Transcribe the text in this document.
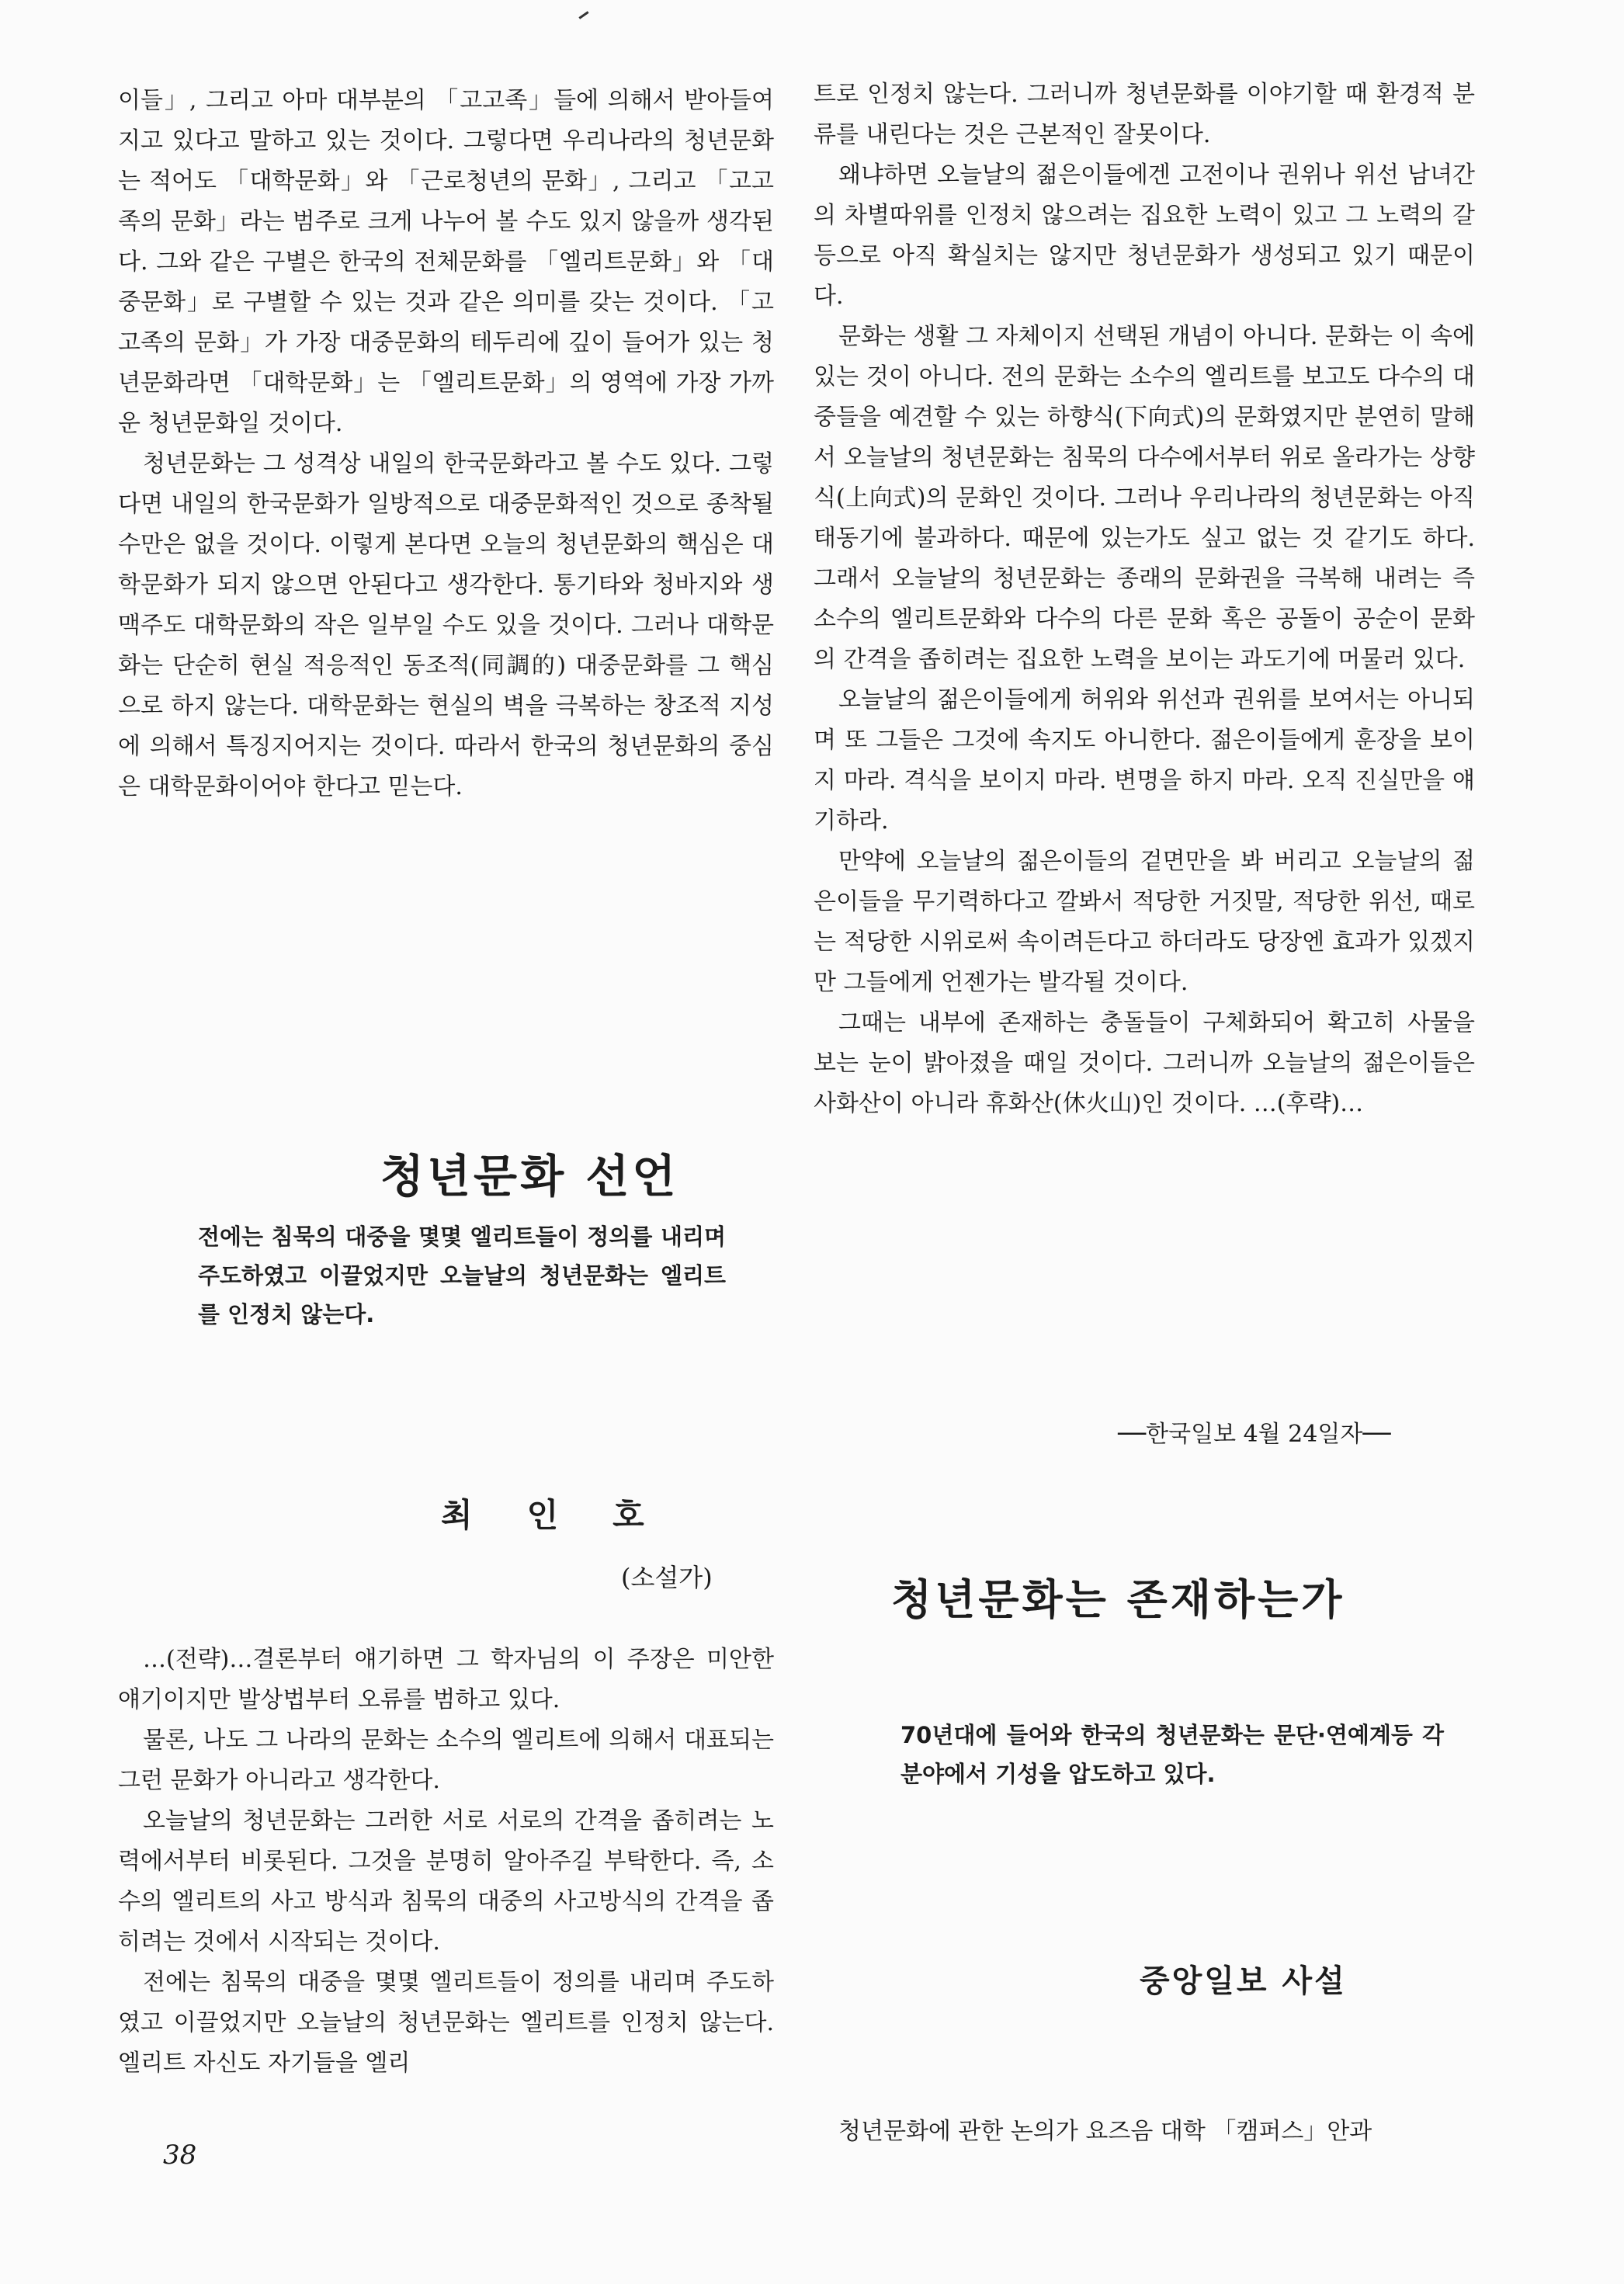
이들」, 그리고 아마 대부분의 「고고족」들에 의해서 받아들여지고 있다고 말하고 있는 것이다. 그렇다면 우리나라의 청년문화는 적어도 「대학문화」와 「근로청년의 문화」, 그리고 「고고족의 문화」라는 범주로 크게 나누어 볼 수도 있지 않을까 생각된다. 그와 같은 구별은 한국의 전체문화를 「엘리트문화」와 「대중문화」로 구별할 수 있는 것과 같은 의미를 갖는 것이다. 「고고족의 문화」가 가장 대중문화의 테두리에 깊이 들어가 있는 청년문화라면 「대학문화」는 「엘리트문화」의 영역에 가장 가까운 청년문화일 것이다.

청년문화는 그 성격상 내일의 한국문화라고 볼 수도 있다. 그렇다면 내일의 한국문화가 일방적으로 대중문화적인 것으로 종착될 수만은 없을 것이다. 이렇게 본다면 오늘의 청년문화의 핵심은 대학문화가 되지 않으면 안된다고 생각한다. 통기타와 청바지와 생맥주도 대학문화의 작은 일부일 수도 있을 것이다. 그러나 대학문화는 단순히 현실 적응적인 동조적(同調的) 대중문화를 그 핵심으로 하지 않는다. 대학문화는 현실의 벽을 극복하는 창조적 지성에 의해서 특징지어지는 것이다. 따라서 한국의 청년문화의 중심은 대학문화이어야 한다고 믿는다.

청년문화 선언

전에는 침묵의 대중을 몇몇 엘리트들이 정의를 내리며 주도하였고 이끌었지만 오늘날의 청년문화는 엘리트를 인정치 않는다.

최인호

(소설가)

…(전략)…결론부터 얘기하면 그 학자님의 이 주장은 미안한 얘기이지만 발상법부터 오류를 범하고 있다.

물론, 나도 그 나라의 문화는 소수의 엘리트에 의해서 대표되는 그런 문화가 아니라고 생각한다.

오늘날의 청년문화는 그러한 서로 서로의 간격을 좁히려는 노력에서부터 비롯된다. 그것을 분명히 알아주길 부탁한다. 즉, 소수의 엘리트의 사고 방식과 침묵의 대중의 사고방식의 간격을 좁히려는 것에서 시작되는 것이다.

전에는 침묵의 대중을 몇몇 엘리트들이 정의를 내리며 주도하였고 이끌었지만 오늘날의 청년문화는 엘리트를 인정치 않는다. 엘리트 자신도 자기들을 엘리

트로 인정치 않는다. 그러니까 청년문화를 이야기할 때 환경적 분류를 내린다는 것은 근본적인 잘못이다.

왜냐하면 오늘날의 젊은이들에겐 고전이나 권위나 위선 남녀간의 차별따위를 인정치 않으려는 집요한 노력이 있고 그 노력의 갈등으로 아직 확실치는 않지만 청년문화가 생성되고 있기 때문이다.

문화는 생활 그 자체이지 선택된 개념이 아니다. 문화는 이 속에 있는 것이 아니다. 전의 문화는 소수의 엘리트를 보고도 다수의 대중들을 예견할 수 있는 하향식(下向式)의 문화였지만 분연히 말해서 오늘날의 청년문화는 침묵의 다수에서부터 위로 올라가는 상향식(上向式)의 문화인 것이다. 그러나 우리나라의 청년문화는 아직 태동기에 불과하다. 때문에 있는가도 싶고 없는 것 같기도 하다. 그래서 오늘날의 청년문화는 종래의 문화권을 극복해 내려는 즉 소수의 엘리트문화와 다수의 다른 문화 혹은 공돌이 공순이 문화의 간격을 좁히려는 집요한 노력을 보이는 과도기에 머물러 있다.

오늘날의 젊은이들에게 허위와 위선과 권위를 보여서는 아니되며 또 그들은 그것에 속지도 아니한다. 젊은이들에게 훈장을 보이지 마라. 격식을 보이지 마라. 변명을 하지 마라. 오직 진실만을 얘기하라.

만약에 오늘날의 젊은이들의 겉면만을 봐 버리고 오늘날의 젊은이들을 무기력하다고 깔봐서 적당한 거짓말, 적당한 위선, 때로는 적당한 시위로써 속이려든다고 하더라도 당장엔 효과가 있겠지만 그들에게 언젠가는 발각될 것이다.

그때는 내부에 존재하는 충돌들이 구체화되어 확고히 사물을 보는 눈이 밝아졌을 때일 것이다. 그러니까 오늘날의 젊은이들은 사화산이 아니라 휴화산(休火山)인 것이다. …(후략)…

──한국일보 4월 24일자──

청년문화는 존재하는가

70년대에 들어와 한국의 청년문화는 문단·연예계등 각 분야에서 기성을 압도하고 있다.

중앙일보 사설

청년문화에 관한 논의가 요즈음 대학 「캠퍼스」안과

38
